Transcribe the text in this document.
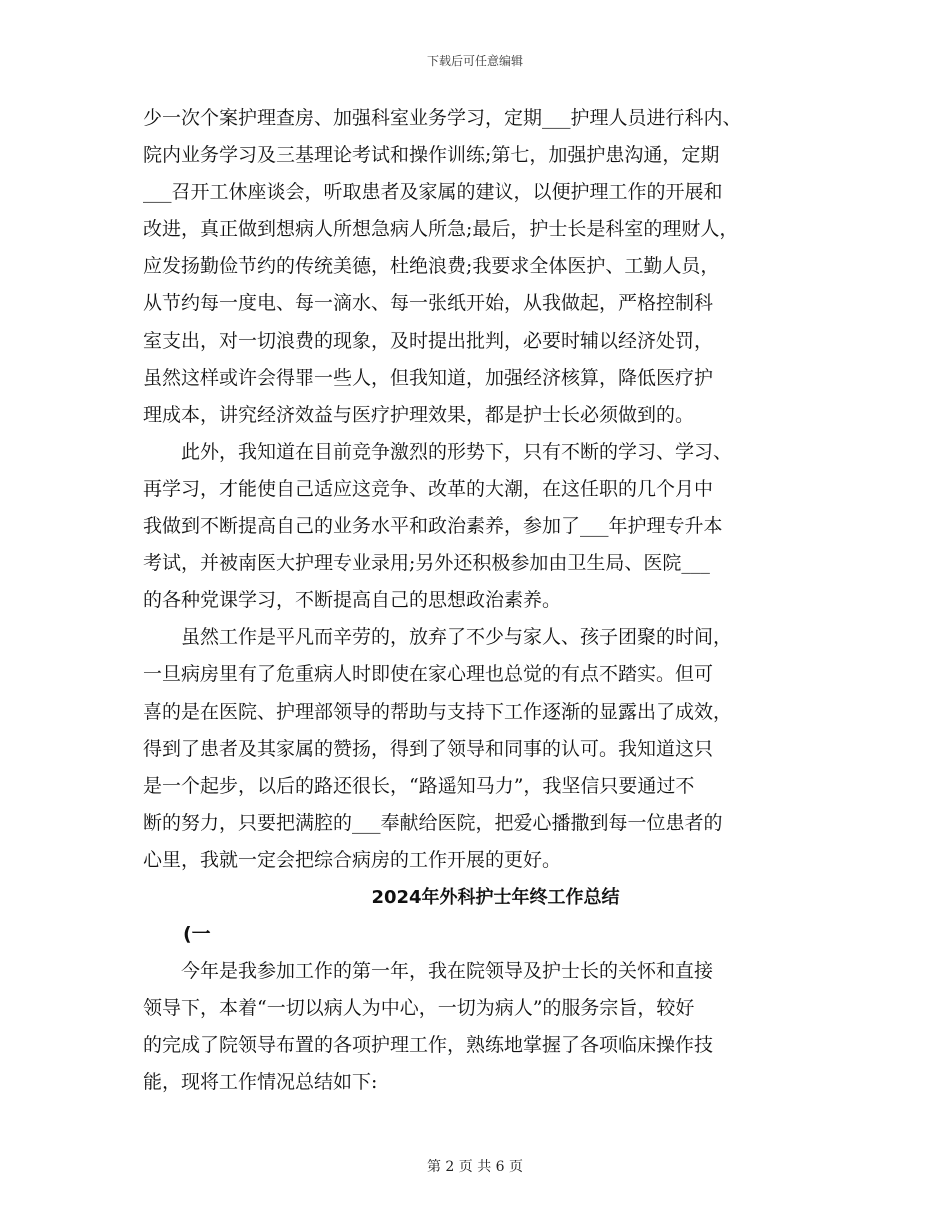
下载后可任意编辑
少一次个案护理查房、加强科室业务学习，定期___护理人员进行科内、
院内业务学习及三基理论考试和操作训练;第七，加强护患沟通，定期
___召开工休座谈会，听取患者及家属的建议，以便护理工作的开展和
改进，真正做到想病人所想急病人所急;最后，护士长是科室的理财人，
应发扬勤俭节约的传统美德，杜绝浪费;我要求全体医护、工勤人员，
从节约每一度电、每一滴水、每一张纸开始，从我做起，严格控制科
室支出，对一切浪费的现象，及时提出批判，必要时辅以经济处罚，
虽然这样或许会得罪一些人，但我知道，加强经济核算，降低医疗护
理成本，讲究经济效益与医疗护理效果，都是护士长必须做到的。
　　此外，我知道在目前竞争激烈的形势下，只有不断的学习、学习、
再学习，才能使自己适应这竞争、改革的大潮，在这任职的几个月中
我做到不断提高自己的业务水平和政治素养，参加了___年护理专升本
考试，并被南医大护理专业录用;另外还积极参加由卫生局、医院___
的各种党课学习，不断提高自己的思想政治素养。
　　虽然工作是平凡而辛劳的，放弃了不少与家人、孩子团聚的时间，
一旦病房里有了危重病人时即使在家心理也总觉的有点不踏实。但可
喜的是在医院、护理部领导的帮助与支持下工作逐渐的显露出了成效，
得到了患者及其家属的赞扬，得到了领导和同事的认可。我知道这只
是一个起步，以后的路还很长，“路遥知马力”，我坚信只要通过不
断的努力，只要把满腔的___奉献给医院，把爱心播撒到每一位患者的
心里，我就一定会把综合病房的工作开展的更好。
2024年外科护士年终工作总结
(一
　　今年是我参加工作的第一年，我在院领导及护士长的关怀和直接
领导下，本着“一切以病人为中心，一切为病人”的服务宗旨，较好
的完成了院领导布置的各项护理工作，熟练地掌握了各项临床操作技
能，现将工作情况总结如下:
第 2 页 共 6 页
